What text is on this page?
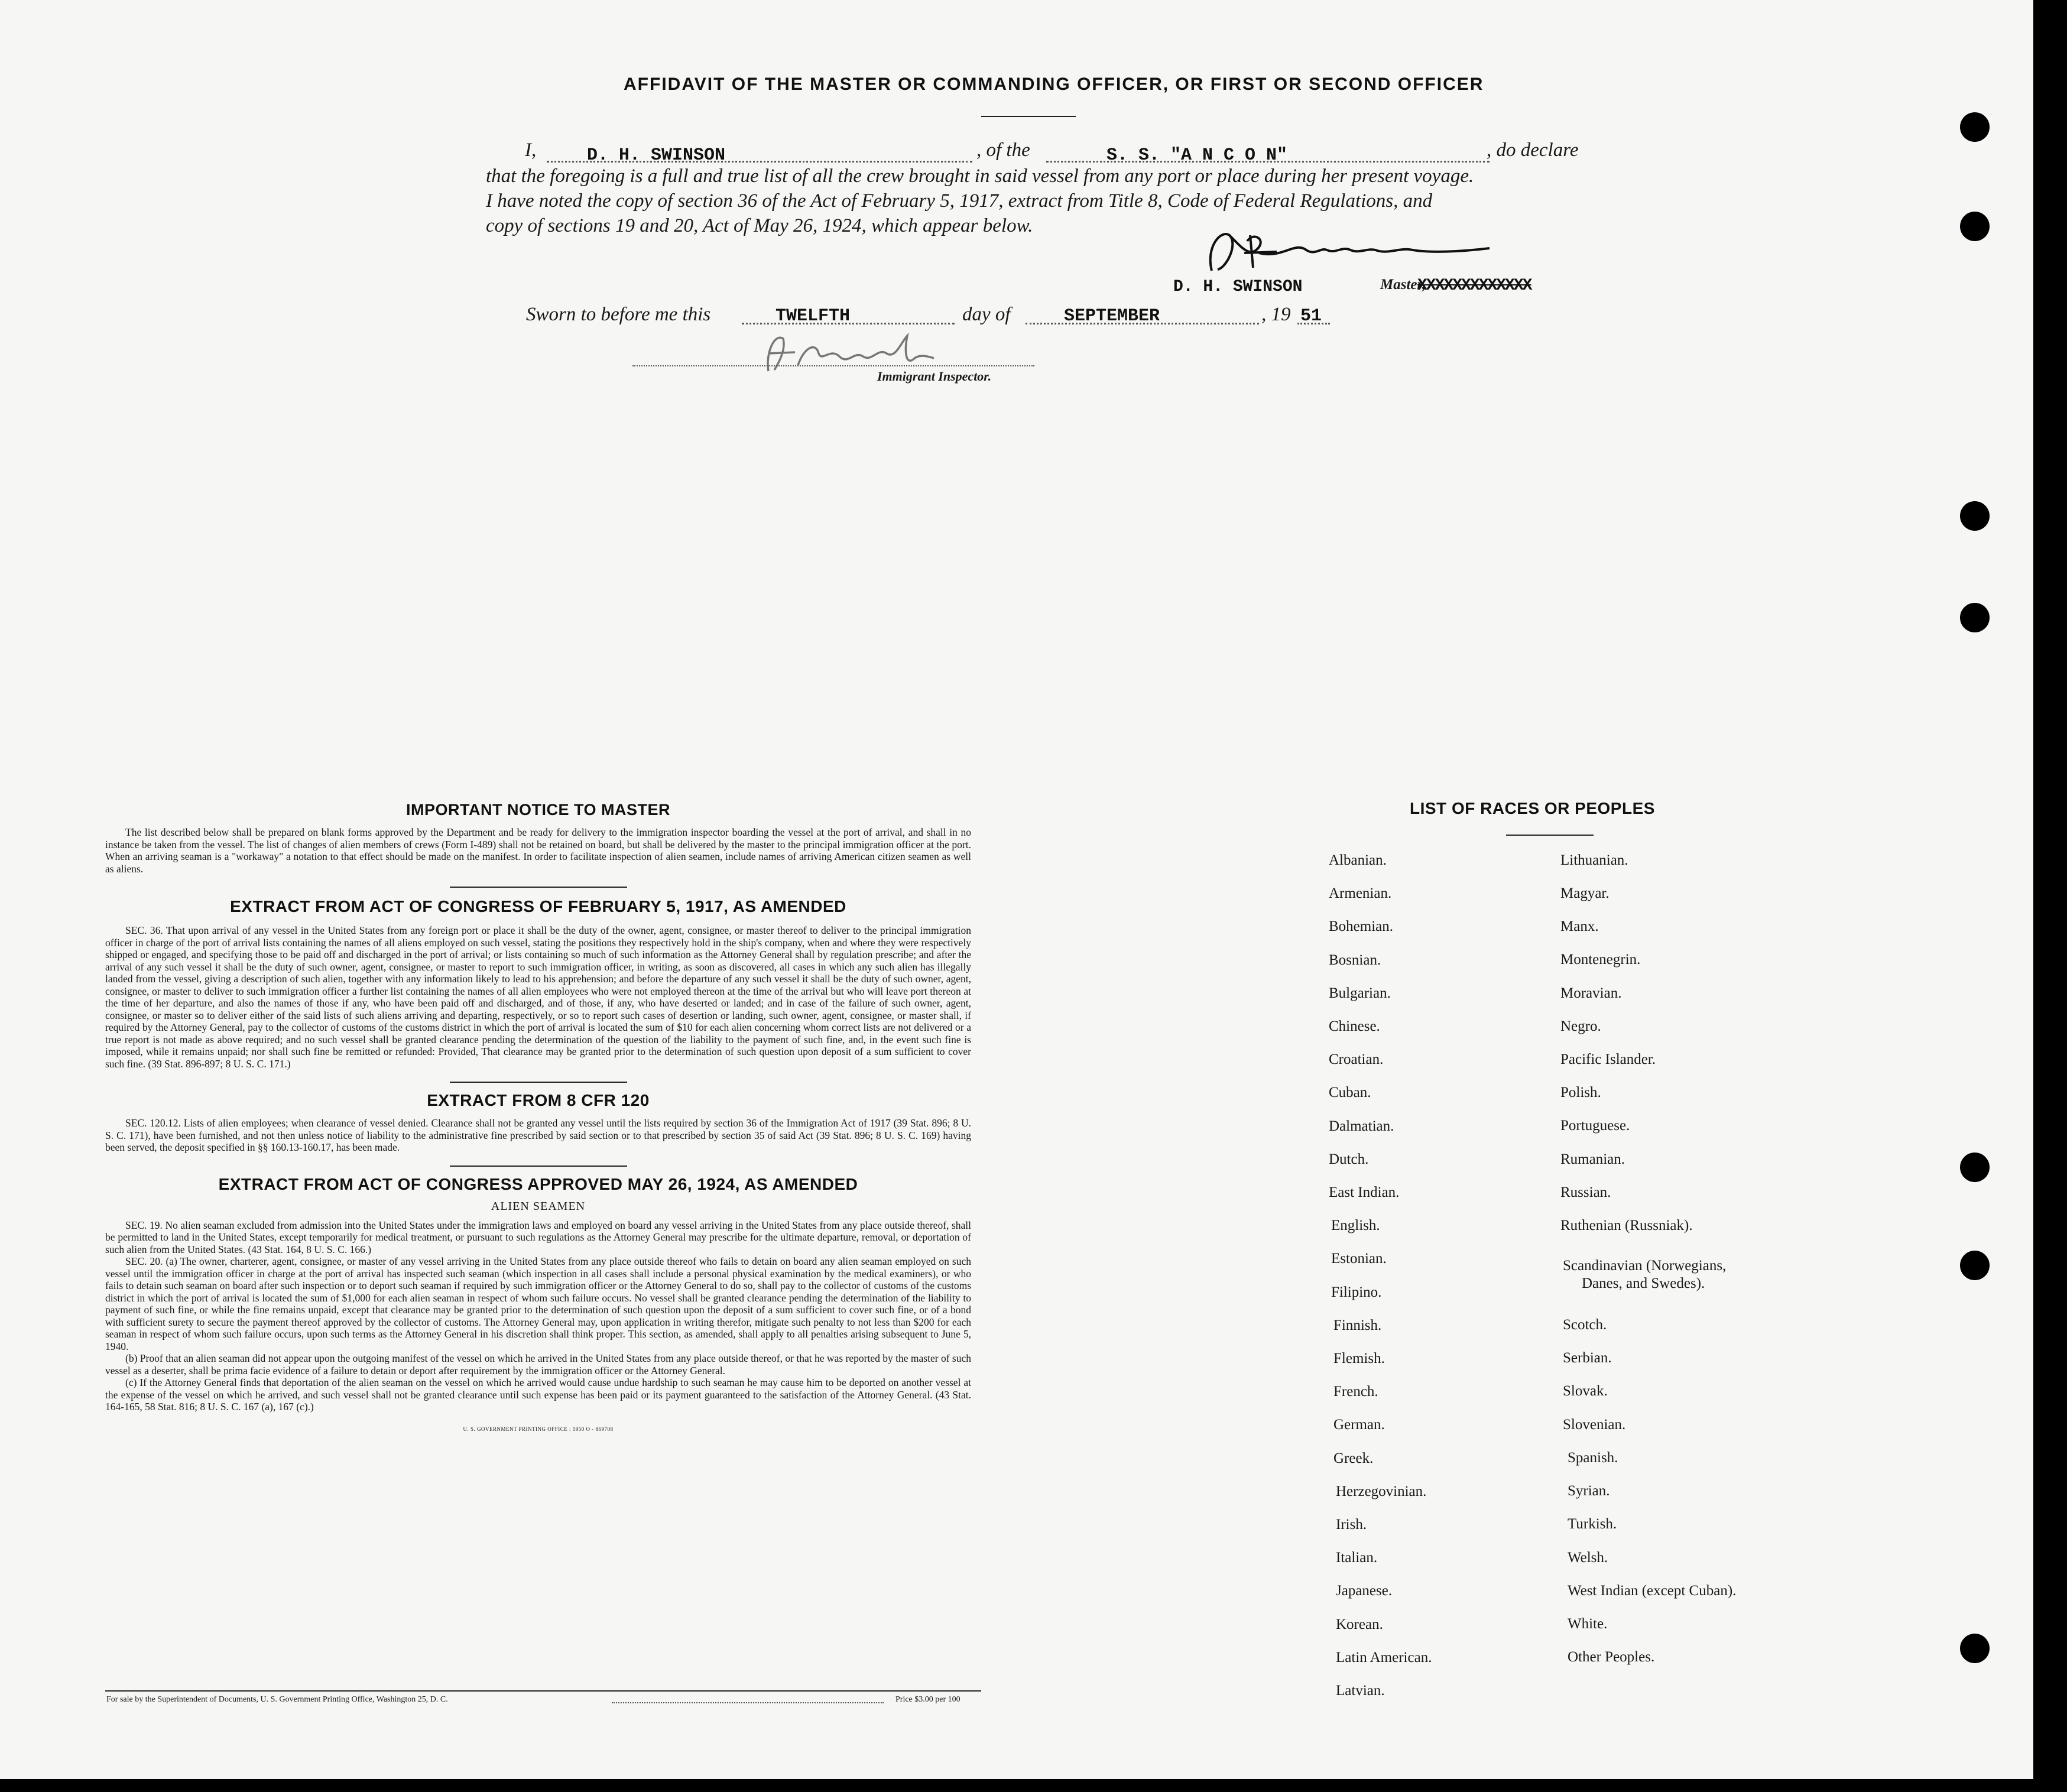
AFFIDAVIT OF THE MASTER OR COMMANDING OFFICER, OR FIRST OR SECOND OFFICER
I,	D. H. SWINSON	, of the	S. S. "A N C O N"	, do declare
that the foregoing is a full and true list of all the crew brought in said vessel from any port or place during her present voyage.
I have noted the copy of section 36 of the Act of February 5, 1917, extract from Title 8, Code of Federal Regulations, and
copy of sections 19 and 20, Act of May 26, 1924, which appear below.
D. H. SWINSON	Master,
XXXXXXXXXXXXX
Sworn to before me this	TWELFTH	day of	SEPTEMBER	, 19 51
Immigrant Inspector.
IMPORTANT NOTICE TO MASTER

The list described below shall be prepared on blank forms approved by the Department and be ready for delivery to the immigration inspector boarding the vessel at the port of arrival, and shall in no instance be taken from the vessel. The list of changes of alien members of crews (Form I-489) shall not be retained on board, but shall be delivered by the master to the principal immigration officer at the port. When an arriving seaman is a "workaway" a notation to that effect should be made on the manifest. In order to facilitate inspection of alien seamen, include names of arriving American citizen seamen as well as aliens.

EXTRACT FROM ACT OF CONGRESS OF FEBRUARY 5, 1917, AS AMENDED

SEC. 36. That upon arrival of any vessel in the United States from any foreign port or place it shall be the duty of the owner, agent, consignee, or master thereof to deliver to the principal immigration officer in charge of the port of arrival lists containing the names of all aliens employed on such vessel, stating the positions they respectively hold in the ship's company, when and where they were respectively shipped or engaged, and specifying those to be paid off and discharged in the port of arrival; or lists containing so much of such information as the Attorney General shall by regulation prescribe; and after the arrival of any such vessel it shall be the duty of such owner, agent, consignee, or master to report to such immigration officer, in writing, as soon as discovered, all cases in which any such alien has illegally landed from the vessel, giving a description of such alien, together with any information likely to lead to his apprehension; and before the departure of any such vessel it shall be the duty of such owner, agent, consignee, or master to deliver to such immigration officer a further list containing the names of all alien employees who were not employed thereon at the time of the arrival but who will leave port thereon at the time of her departure, and also the names of those if any, who have been paid off and discharged, and of those, if any, who have deserted or landed; and in case of the failure of such owner, agent, consignee, or master so to deliver either of the said lists of such aliens arriving and departing, respectively, or so to report such cases of desertion or landing, such owner, agent, consignee, or master shall, if required by the Attorney General, pay to the collector of customs of the customs district in which the port of arrival is located the sum of $10 for each alien concerning whom correct lists are not delivered or a true report is not made as above required; and no such vessel shall be granted clearance pending the determination of the question of the liability to the payment of such fine, and, in the event such fine is imposed, while it remains unpaid; nor shall such fine be remitted or refunded: Provided, That clearance may be granted prior to the determination of such question upon deposit of a sum sufficient to cover such fine. (39 Stat. 896-897; 8 U. S. C. 171.)

EXTRACT FROM 8 CFR 120

SEC. 120.12. Lists of alien employees; when clearance of vessel denied. Clearance shall not be granted any vessel until the lists required by section 36 of the Immigration Act of 1917 (39 Stat. 896; 8 U. S. C. 171), have been furnished, and not then unless notice of liability to the administrative fine prescribed by said section or to that prescribed by section 35 of said Act (39 Stat. 896; 8 U. S. C. 169) having been served, the deposit specified in §§ 160.13-160.17, has been made.

EXTRACT FROM ACT OF CONGRESS APPROVED MAY 26, 1924, AS AMENDED
ALIEN SEAMEN

SEC. 19. No alien seaman excluded from admission into the United States under the immigration laws and employed on board any vessel arriving in the United States from any place outside thereof, shall be permitted to land in the United States, except temporarily for medical treatment, or pursuant to such regulations as the Attorney General may prescribe for the ultimate departure, removal, or deportation of such alien from the United States. (43 Stat. 164, 8 U. S. C. 166.)

SEC. 20. (a) The owner, charterer, agent, consignee, or master of any vessel arriving in the United States from any place outside thereof who fails to detain on board any alien seaman employed on such vessel until the immigration officer in charge at the port of arrival has inspected such seaman (which inspection in all cases shall include a personal physical examination by the medical examiners), or who fails to detain such seaman on board after such inspection or to deport such seaman if required by such immigration officer or the Attorney General to do so, shall pay to the collector of customs of the customs district in which the port of arrival is located the sum of $1,000 for each alien seaman in respect of whom such failure occurs. No vessel shall be granted clearance pending the determination of the liability to payment of such fine, or while the fine remains unpaid, except that clearance may be granted prior to the determination of such question upon the deposit of a sum sufficient to cover such fine, or of a bond with sufficient surety to secure the payment thereof approved by the collector of customs. The Attorney General may, upon application in writing therefor, mitigate such penalty to not less than $200 for each seaman in respect of whom such failure occurs, upon such terms as the Attorney General in his discretion shall think proper. This section, as amended, shall apply to all penalties arising subsequent to June 5, 1940.

(b) Proof that an alien seaman did not appear upon the outgoing manifest of the vessel on which he arrived in the United States from any place outside thereof, or that he was reported by the master of such vessel as a deserter, shall be prima facie evidence of a failure to detain or deport after requirement by the immigration officer or the Attorney General.

(c) If the Attorney General finds that deportation of the alien seaman on the vessel on which he arrived would cause undue hardship to such seaman he may cause him to be deported on another vessel at the expense of the vessel on which he arrived, and such vessel shall not be granted clearance until such expense has been paid or its payment guaranteed to the satisfaction of the Attorney General. (43 Stat. 164-165, 58 Stat. 816; 8 U. S. C. 167 (a), 167 (c).)

U. S. GOVERNMENT PRINTING OFFICE : 1950 O - 869708
For sale by the Superintendent of Documents, U. S. Government Printing Office, Washington 25, D. C.	Price $3.00 per 100
LIST OF RACES OR PEOPLES
Albanian.
Armenian.
Bohemian.
Bosnian.
Bulgarian.
Chinese.
Croatian.
Cuban.
Dalmatian.
Dutch.
East Indian.
English.
Estonian.
Filipino.
Finnish.
Flemish.
French.
German.
Greek.
Herzegovinian.
Irish.
Italian.
Japanese.
Korean.
Latin American.
Latvian.
Lithuanian.
Magyar.
Manx.
Montenegrin.
Moravian.
Negro.
Pacific Islander.
Polish.
Portuguese.
Rumanian.
Russian.
Ruthenian (Russniak).
Scandinavian (Norwegians,
Danes, and Swedes).
Scotch.
Serbian.
Slovak.
Slovenian.
Spanish.
Syrian.
Turkish.
Welsh.
West Indian (except Cuban).
White.
Other Peoples.
